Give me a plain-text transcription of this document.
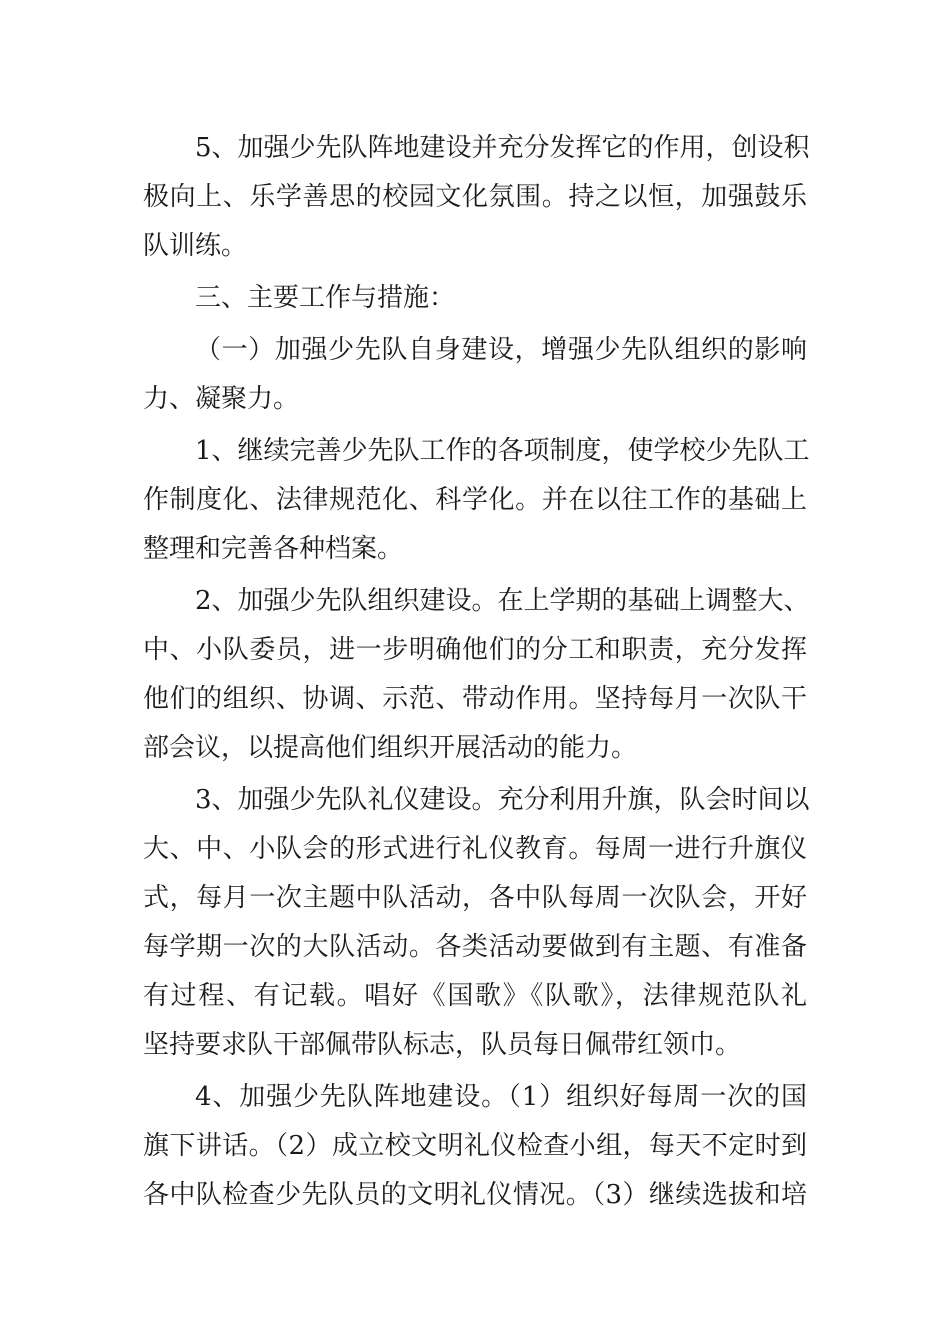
5、加强少先队阵地建设并充分发挥它的作用，创设积
极向上、乐学善思的校园文化氛围。持之以恒，加强鼓乐
队训练。
三、主要工作与措施：
（一）加强少先队自身建设，增强少先队组织的影响
力、凝聚力。
1、继续完善少先队工作的各项制度，使学校少先队工
作制度化、法律规范化、科学化。并在以往工作的基础上
整理和完善各种档案。
2、加强少先队组织建设。在上学期的基础上调整大、
中、小队委员，进一步明确他们的分工和职责，充分发挥
他们的组织、协调、示范、带动作用。坚持每月一次队干
部会议，以提高他们组织开展活动的能力。
3、加强少先队礼仪建设。充分利用升旗，队会时间以
大、中、小队会的形式进行礼仪教育。每周一进行升旗仪
式，每月一次主题中队活动，各中队每周一次队会，开好
每学期一次的大队活动。各类活动要做到有主题、有准备
有过程、有记载。唱好《国歌》《队歌》，法律规范队礼
坚持要求队干部佩带队标志，队员每日佩带红领巾。
4、加强少先队阵地建设。（1）组织好每周一次的国
旗下讲话。（2）成立校文明礼仪检查小组，每天不定时到
各中队检查少先队员的文明礼仪情况。（3）继续选拔和培
